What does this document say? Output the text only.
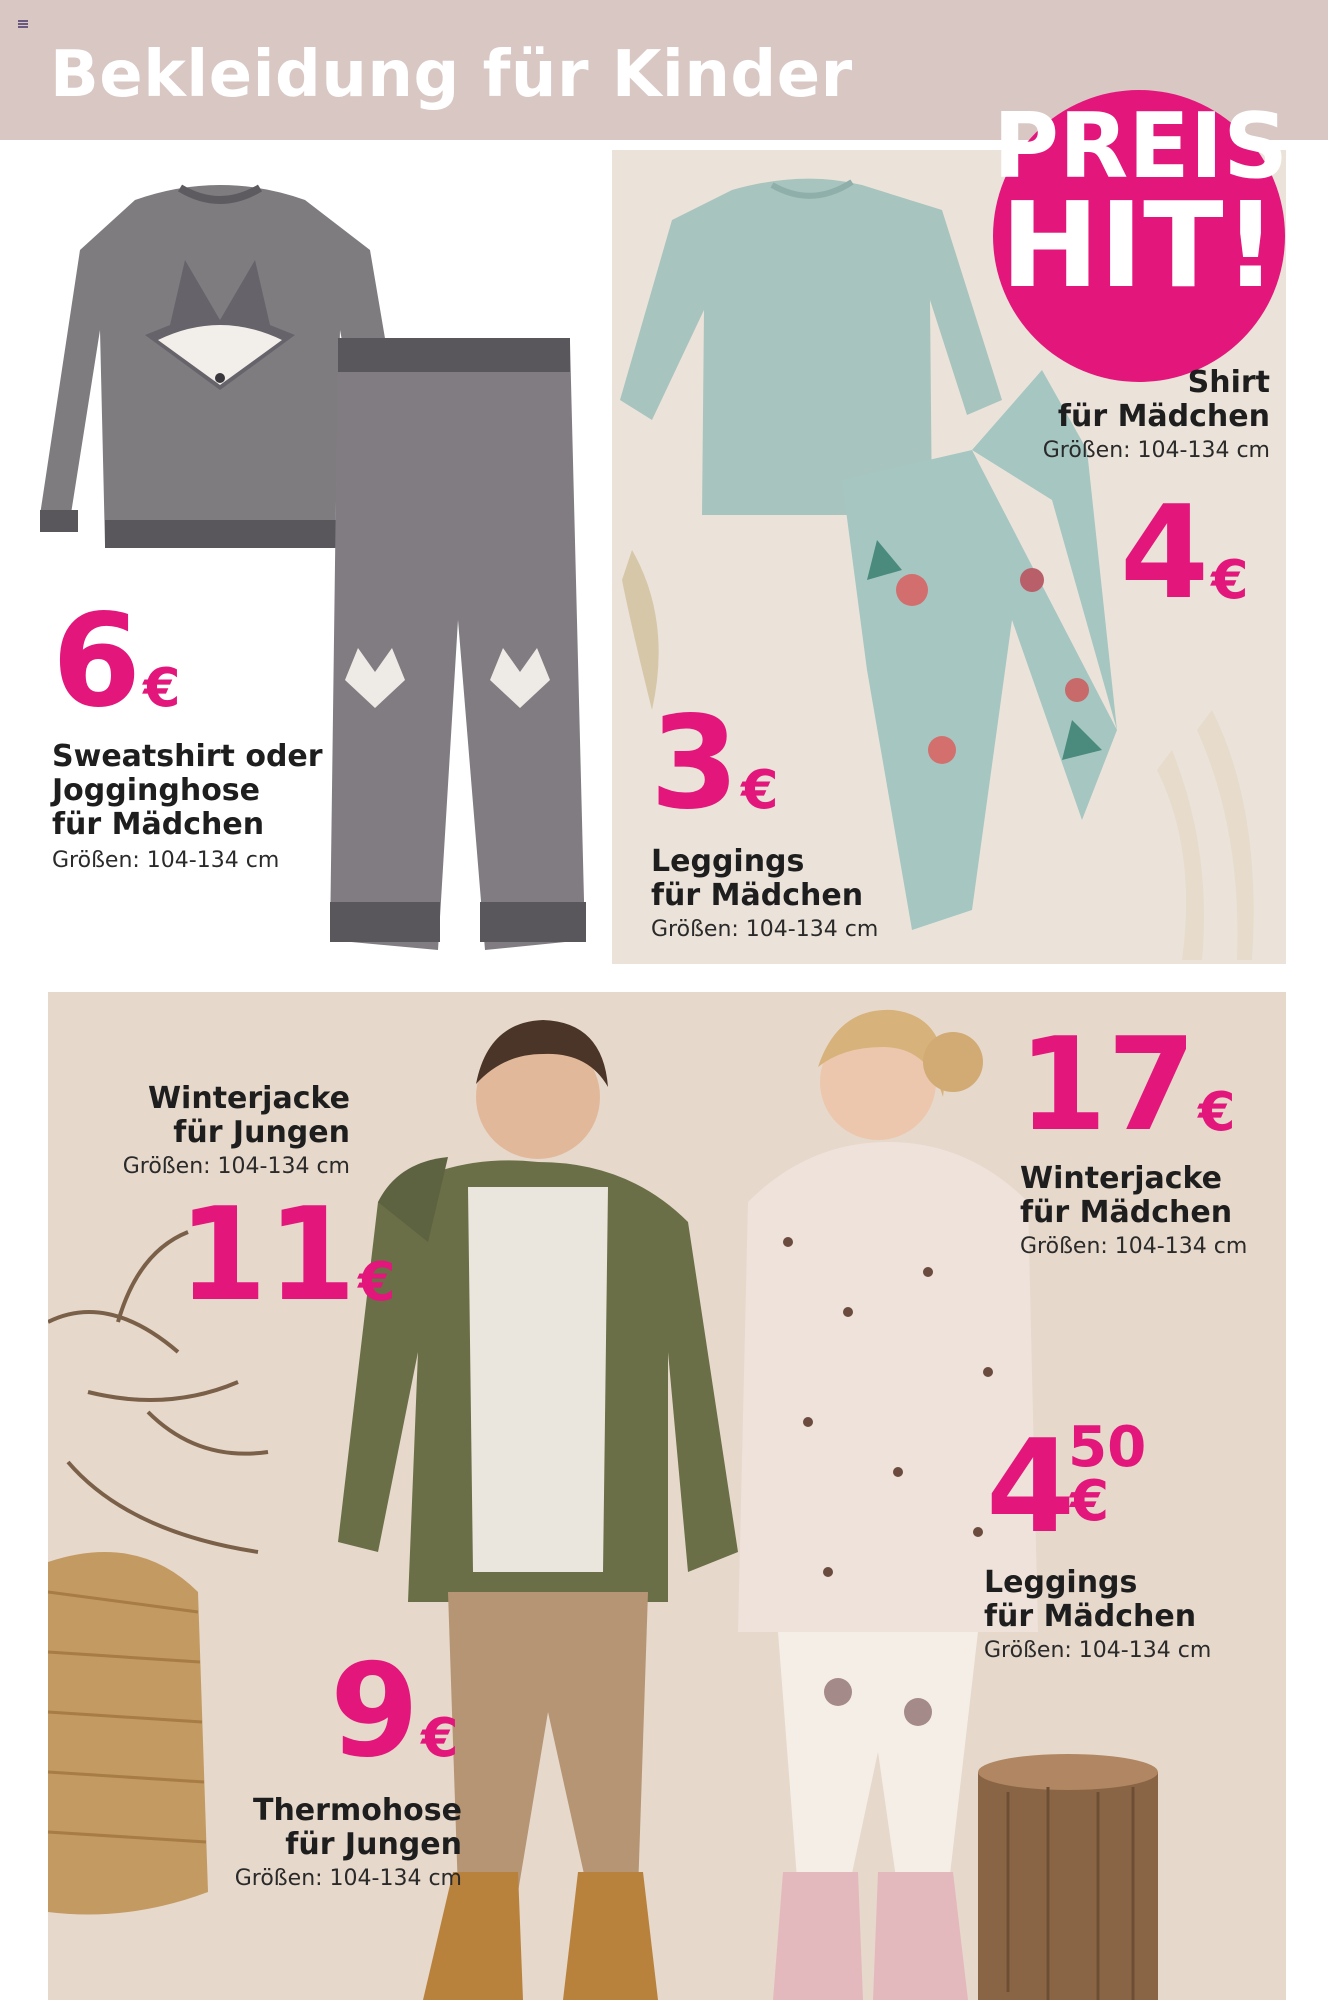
Bekleidung für Kinder
PREIS
HIT!
6€
Sweatshirt oder
Jogginghose
für Mädchen
Größen: 104-134 cm
Shirt
für Mädchen
Größen: 104-134 cm
4€
3€
Leggings
für Mädchen
Größen: 104-134 cm
Winterjacke
für Jungen
Größen: 104-134 cm
11€
17€
Winterjacke
für Mädchen
Größen: 104-134 cm
4
50
€
Leggings
für Mädchen
Größen: 104-134 cm
9€
Thermohose
für Jungen
Größen: 104-134 cm
